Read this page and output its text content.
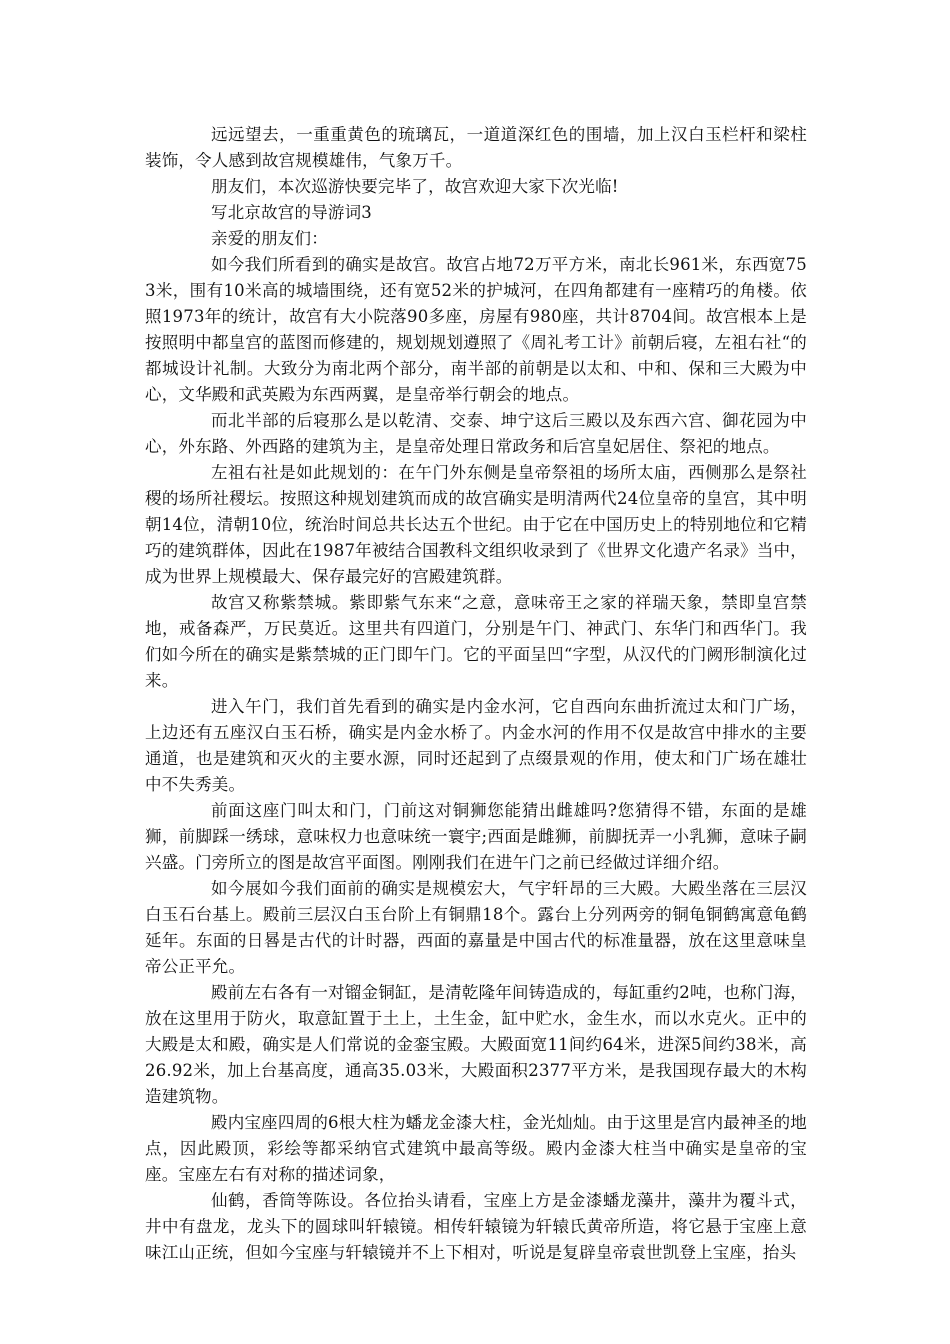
远远望去，一重重黄色的琉璃瓦，一道道深红色的围墙，加上汉白玉栏杆和梁柱装饰，令人感到故宫规模雄伟，气象万千。

朋友们，本次巡游快要完毕了，故宫欢迎大家下次光临!

写北京故宫的导游词3

亲爱的朋友们：

如今我们所看到的确实是故宫。故宫占地72万平方米，南北长961米，东西宽753米，围有10米高的城墙围绕，还有宽52米的护城河，在四角都建有一座精巧的角楼。依照1973年的统计，故宫有大小院落90多座，房屋有980座，共计8704间。故宫根本上是按照明中都皇宫的蓝图而修建的，规划规划遵照了《周礼考工计》前朝后寝，左祖右社“的都城设计礼制。大致分为南北两个部分，南半部的前朝是以太和、中和、保和三大殿为中心，文华殿和武英殿为东西两翼，是皇帝举行朝会的地点。

而北半部的后寝那么是以乾清、交泰、坤宁这后三殿以及东西六宫、御花园为中心，外东路、外西路的建筑为主，是皇帝处理日常政务和后宫皇妃居住、祭祀的地点。

左祖右社是如此规划的：在午门外东侧是皇帝祭祖的场所太庙，西侧那么是祭社稷的场所社稷坛。按照这种规划建筑而成的故宫确实是明清两代24位皇帝的皇宫，其中明朝14位，清朝10位，统治时间总共长达五个世纪。由于它在中国历史上的特别地位和它精巧的建筑群体，因此在1987年被结合国教科文组织收录到了《世界文化遗产名录》当中，成为世界上规模最大、保存最完好的宫殿建筑群。

故宫又称紫禁城。紫即紫气东来“之意，意味帝王之家的祥瑞天象，禁即皇宫禁地，戒备森严，万民莫近。这里共有四道门，分别是午门、神武门、东华门和西华门。我们如今所在的确实是紫禁城的正门即午门。它的平面呈凹“字型，从汉代的门阙形制演化过来。

进入午门，我们首先看到的确实是内金水河，它自西向东曲折流过太和门广场，上边还有五座汉白玉石桥，确实是内金水桥了。内金水河的作用不仅是故宫中排水的主要通道，也是建筑和灭火的主要水源，同时还起到了点缀景观的作用，使太和门广场在雄壮中不失秀美。

前面这座门叫太和门，门前这对铜狮您能猜出雌雄吗?您猜得不错，东面的是雄狮，前脚踩一绣球，意味权力也意味统一寰宇;西面是雌狮，前脚抚弄一小乳狮，意味子嗣兴盛。门旁所立的图是故宫平面图。刚刚我们在进午门之前已经做过详细介绍。

如今展如今我们面前的确实是规模宏大，气宇轩昂的三大殿。大殿坐落在三层汉白玉石台基上。殿前三层汉白玉台阶上有铜鼎18个。露台上分列两旁的铜龟铜鹤寓意龟鹤延年。东面的日晷是古代的计时器，西面的嘉量是中国古代的标准量器，放在这里意味皇帝公正平允。

殿前左右各有一对镏金铜缸，是清乾隆年间铸造成的，每缸重约2吨，也称门海，放在这里用于防火，取意缸置于土上，土生金，缸中贮水，金生水，而以水克火。正中的大殿是太和殿，确实是人们常说的金銮宝殿。大殿面宽11间约64米，进深5间约38米，高26.92米，加上台基高度，通高35.03米，大殿面积2377平方米，是我国现存最大的木构造建筑物。

殿内宝座四周的6根大柱为蟠龙金漆大柱，金光灿灿。由于这里是宫内最神圣的地点，因此殿顶，彩绘等都采纳官式建筑中最高等级。殿内金漆大柱当中确实是皇帝的宝座。宝座左右有对称的描述词象，

仙鹤，香筒等陈设。各位抬头请看，宝座上方是金漆蟠龙藻井，藻井为覆斗式，井中有盘龙，龙头下的圆球叫轩辕镜。相传轩辕镜为轩辕氏黄帝所造，将它悬于宝座上意味江山正统，但如今宝座与轩辕镜并不上下相对，听说是复辟皇帝袁世凯登上宝座，抬头
